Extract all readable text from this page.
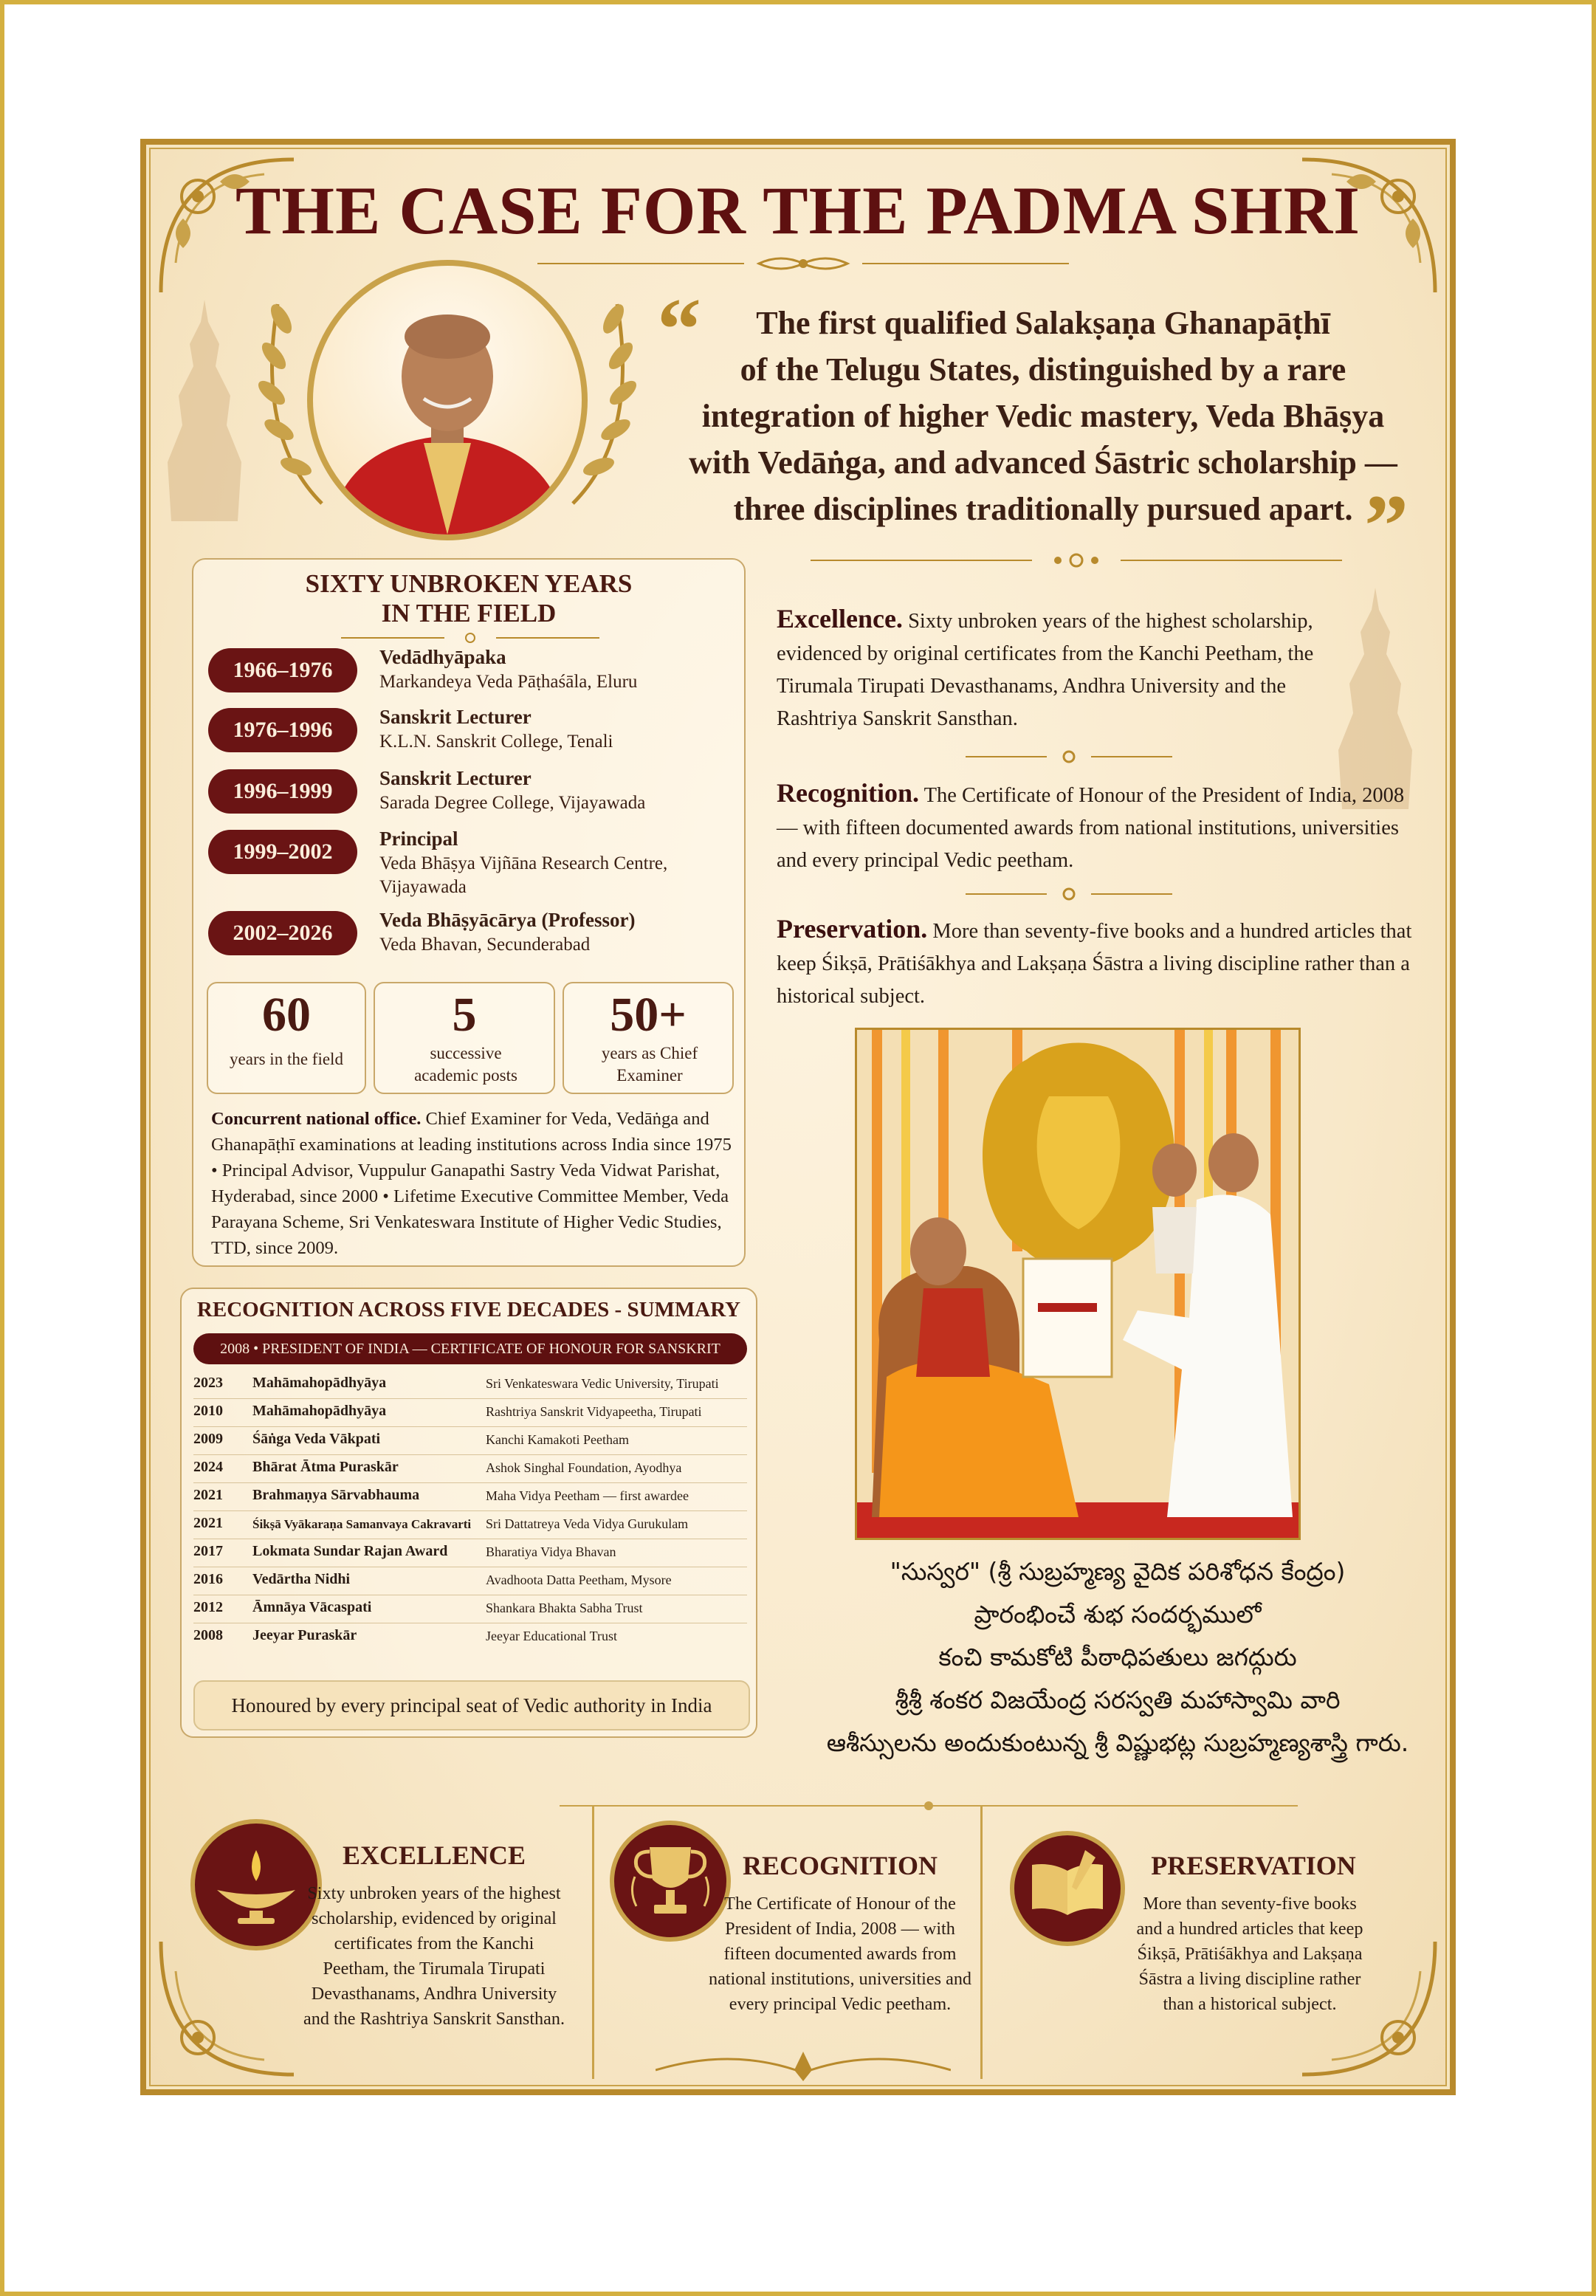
THE CASE FOR THE PADMA SHRI
“	The first qualified Salakṣaṇa Ghanapāṭhī
of the Telugu States, distinguished by a rare
integration of higher Vedic mastery, Veda Bhāṣya
with Vedāṅga, and advanced Śāstric scholarship —
three disciplines traditionally pursued apart. ”
SIXTY UNBROKEN YEARS
IN THE FIELD
1966–1976
Vedādhyāpaka
Markandeya Veda Pāṭhaśāla, Eluru
1976–1996
Sanskrit Lecturer
K.L.N. Sanskrit College, Tenali
1996–1999
Sanskrit Lecturer
Sarada Degree College, Vijayawada
1999–2002
Principal
Veda Bhāṣya Vijñāna Research Centre, Vijayawada
2002–2026
Veda Bhāṣyācārya (Professor)
Veda Bhavan, Secunderabad
60
years in the field
5
successive academic posts
50+
years as Chief Examiner
Concurrent national office. Chief Examiner for Veda, Vedāṅga and Ghanapāṭhī examinations at leading institutions across India since 1975 • Principal Advisor, Vuppulur Ganapathi Sastry Veda Vidwat Parishat, Hyderabad, since 2000 • Lifetime Executive Committee Member, Veda Parayana Scheme, Sri Venkateswara Institute of Higher Vedic Studies, TTD, since 2009.
RECOGNITION ACROSS FIVE DECADES - SUMMARY
2008 • PRESIDENT OF INDIA — CERTIFICATE OF HONOUR FOR SANSKRIT
2023	Mahāmahopādhyāya	Sri Venkateswara Vedic University, Tirupati
2010	Mahāmahopādhyāya	Rashtriya Sanskrit Vidyapeetha, Tirupati
2009	Śāṅga Veda Vākpati	Kanchi Kamakoti Peetham
2024	Bhārat Ātma Puraskār	Ashok Singhal Foundation, Ayodhya
2021	Brahmaṇya Sārvabhauma	Maha Vidya Peetham — first awardee
2021	Śikṣā Vyākaraṇa Samanvaya Cakravarti	Sri Dattatreya Veda Vidya Gurukulam
2017	Lokmata Sundar Rajan Award	Bharatiya Vidya Bhavan
2016	Vedārtha Nidhi	Avadhoota Datta Peetham, Mysore
2012	Āmnāya Vācaspati	Shankara Bhakta Sabha Trust
2008	Jeeyar Puraskār	Jeeyar Educational Trust
Honoured by every principal seat of Vedic authority in India
Excellence. Sixty unbroken years of the highest scholarship, evidenced by original certificates from the Kanchi Peetham, the Tirumala Tirupati Devasthanams, Andhra University and the Rashtriya Sanskrit Sansthan.
Recognition. The Certificate of Honour of the President of India, 2008 — with fifteen documented awards from national institutions, universities and every principal Vedic peetham.
Preservation. More than seventy-five books and a hundred articles that keep Śikṣā, Prātiśākhya and Lakṣaṇa Śāstra a living discipline rather than a historical subject.
"సుస్వర" (శ్రీ సుబ్రహ్మణ్య వైదిక పరిశోధన కేంద్రం)
ప్రారంభించే శుభ సందర్భములో
కంచి కామకోటి పీఠాధిపతులు జగద్గురు
శ్రీశ్రీ శంకర విజయేంద్ర సరస్వతి మహాస్వామి వారి
ఆశీస్సులను అందుకుంటున్న శ్రీ విష్ణుభట్ల సుబ్రహ్మణ్యశాస్త్రి గారు.
EXCELLENCE
Sixty unbroken years of the highest scholarship, evidenced by original certificates from the Kanchi Peetham, the Tirumala Tirupati Devasthanams, Andhra University and the Rashtriya Sanskrit Sansthan.
RECOGNITION
The Certificate of Honour of the President of India, 2008 — with fifteen documented awards from national institutions, universities and every principal Vedic peetham.
PRESERVATION
More than seventy-five books and a hundred articles that keep Śikṣā, Prātiśākhya and Lakṣaṇa Śāstra a living discipline rather than a historical subject.
